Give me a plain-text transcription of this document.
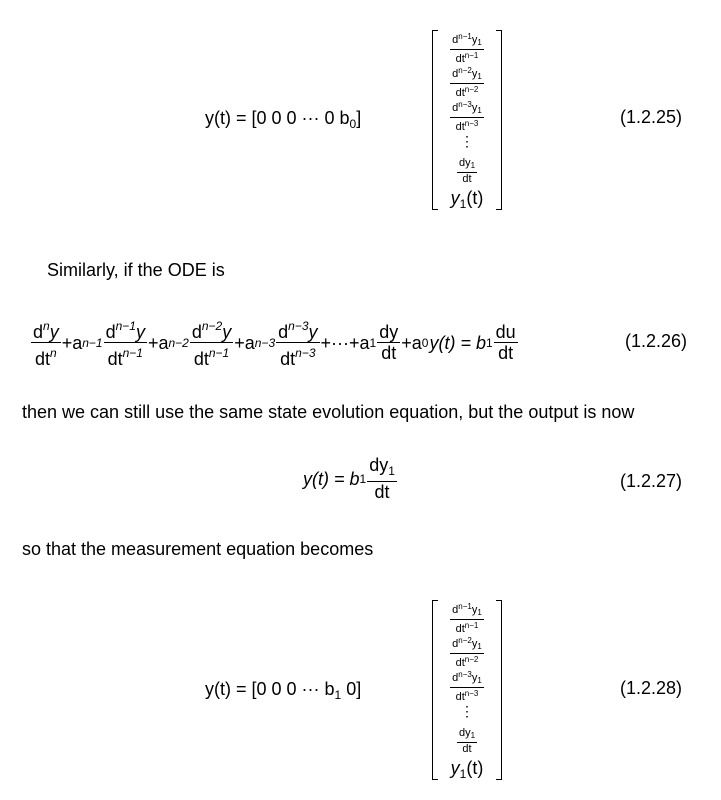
y(t) = [0 0 0 ··· 0 $b_0$]
$d^{n-1}y1$
$dt^{n-1}$
$d^{n-2}y1$
$dt^{n-2}$
$d^{n-3}y1$
$dt^{n-3}$
⋮
$\frac{dy1}{dt}$
$y_1(t)$
(1.2.25)
Similarly, if the ODE is
$\frac{d^ny}{dt^n} +a$ $n-1 \frac{d^{n-1}y}{dt^{n-1}} +a$ $n-2 \frac{d^{n-2}y}{dt^{n-1}} +a$ $n-3 \frac{d^{n-3}y}{dt^{n-3}} +\cdot\cdot\cdot+a$ $1 \frac{dy}{dt} +a$ 0 y(t) = b $1 \frac{du}{dt}$	(1.2.26)
then we can still use the same state evolution equation, but the output is now
y(t) = b $1 \frac{dy_1}{dt}$	(1.2.27)
so that the measurement equation becomes
y(t) = [0 0 0 ··· $b_1$ 0]
$d^{n-1}y1$
$dt^{n-1}$
$d^{n-2}y1$
$dt^{n-2}$
$d^{n-3}y1$
$dt^{n-3}$
⋮
$\frac{dy1}{dt}$
$y_1(t)$
(1.2.28)
